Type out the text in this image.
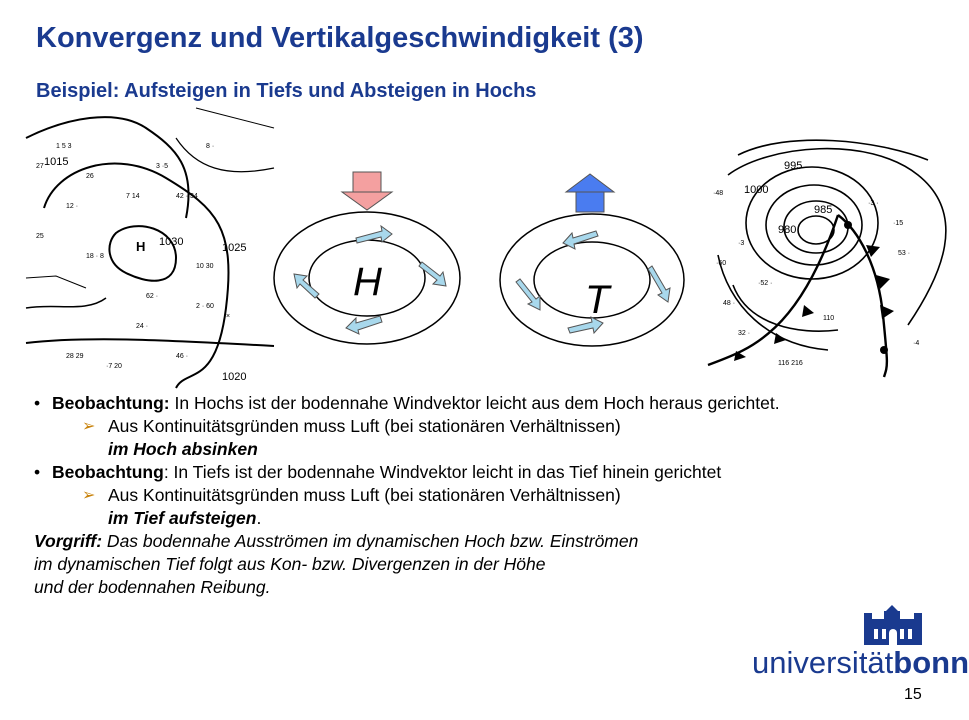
Konvergenz und Vertikalgeschwindigkeit (3)
Beispiel: Aufsteigen in Tiefs und Absteigen in Hochs
1 5 3
26
42 · 34
12 ·
18 · 8
10 30
2 · 60
28 29
24 ·
·7 20
46 ·
×
25
3 ·5
7 14
27
8 ·
62 ·
1015
1030	1025
1020
H
H	T
·48
·3
48 ·
·52 ·
53 ·
·4
116 216
·3 ·
32 ·
110
·15
·60
995
1000
985
980
• Beobachtung: In Hochs ist der bodennahe Windvektor leicht aus dem Hoch heraus gerichtet.
➢ Aus Kontinuitätsgründen muss Luft (bei stationären Verhältnissen)
im Hoch absinken
• Beobachtung: In Tiefs ist der bodennahe Windvektor leicht in das Tief hinein gerichtet
➢ Aus Kontinuitätsgründen muss Luft (bei stationären Verhältnissen)
im Tief aufsteigen.
Vorgriff: Das bodennahe Ausströmen im dynamischen Hoch bzw. Einströmen
im dynamischen Tief folgt aus Kon- bzw. Divergenzen in der Höhe
und der bodennahen Reibung.
universitätbonn
15
